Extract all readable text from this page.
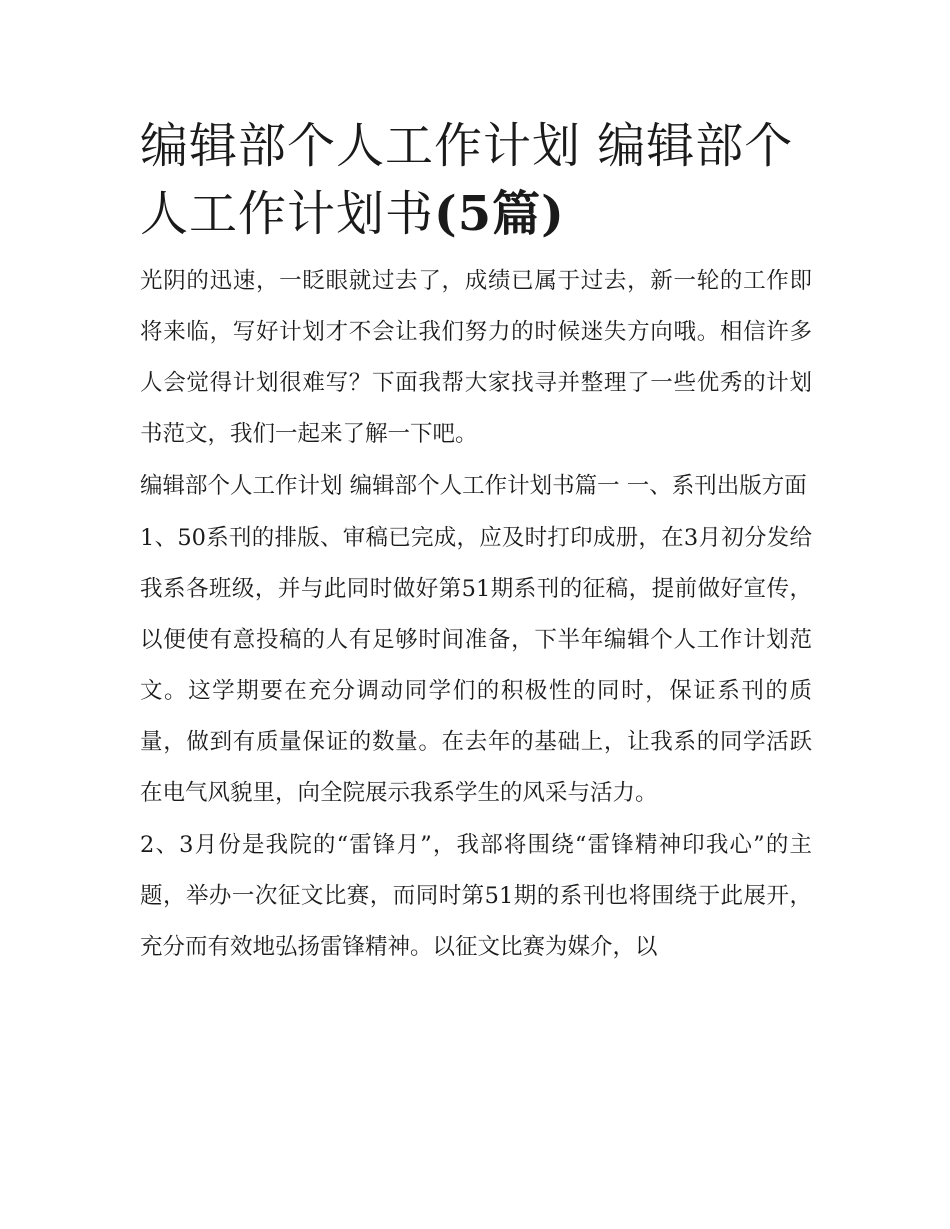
编辑部个人工作计划 编辑部个人工作计划书(5篇)

光阴的迅速，一眨眼就过去了，成绩已属于过去，新一轮的工作即将来临，写好计划才不会让我们努力的时候迷失方向哦。相信许多人会觉得计划很难写？下面我帮大家找寻并整理了一些优秀的计划书范文，我们一起来了解一下吧。

编辑部个人工作计划 编辑部个人工作计划书篇一 一、系刊出版方面

1、50系刊的排版、审稿已完成，应及时打印成册，在3月初分发给我系各班级，并与此同时做好第51期系刊的征稿，提前做好宣传，以便使有意投稿的人有足够时间准备，下半年编辑个人工作计划范文。这学期要在充分调动同学们的积极性的同时，保证系刊的质量，做到有质量保证的数量。在去年的基础上，让我系的同学活跃在电气风貌里，向全院展示我系学生的风采与活力。

2、3月份是我院的“雷锋月”，我部将围绕“雷锋精神印我心”的主题，举办一次征文比赛，而同时第51期的系刊也将围绕于此展开，充分而有效地弘扬雷锋精神。以征文比赛为媒介，以
